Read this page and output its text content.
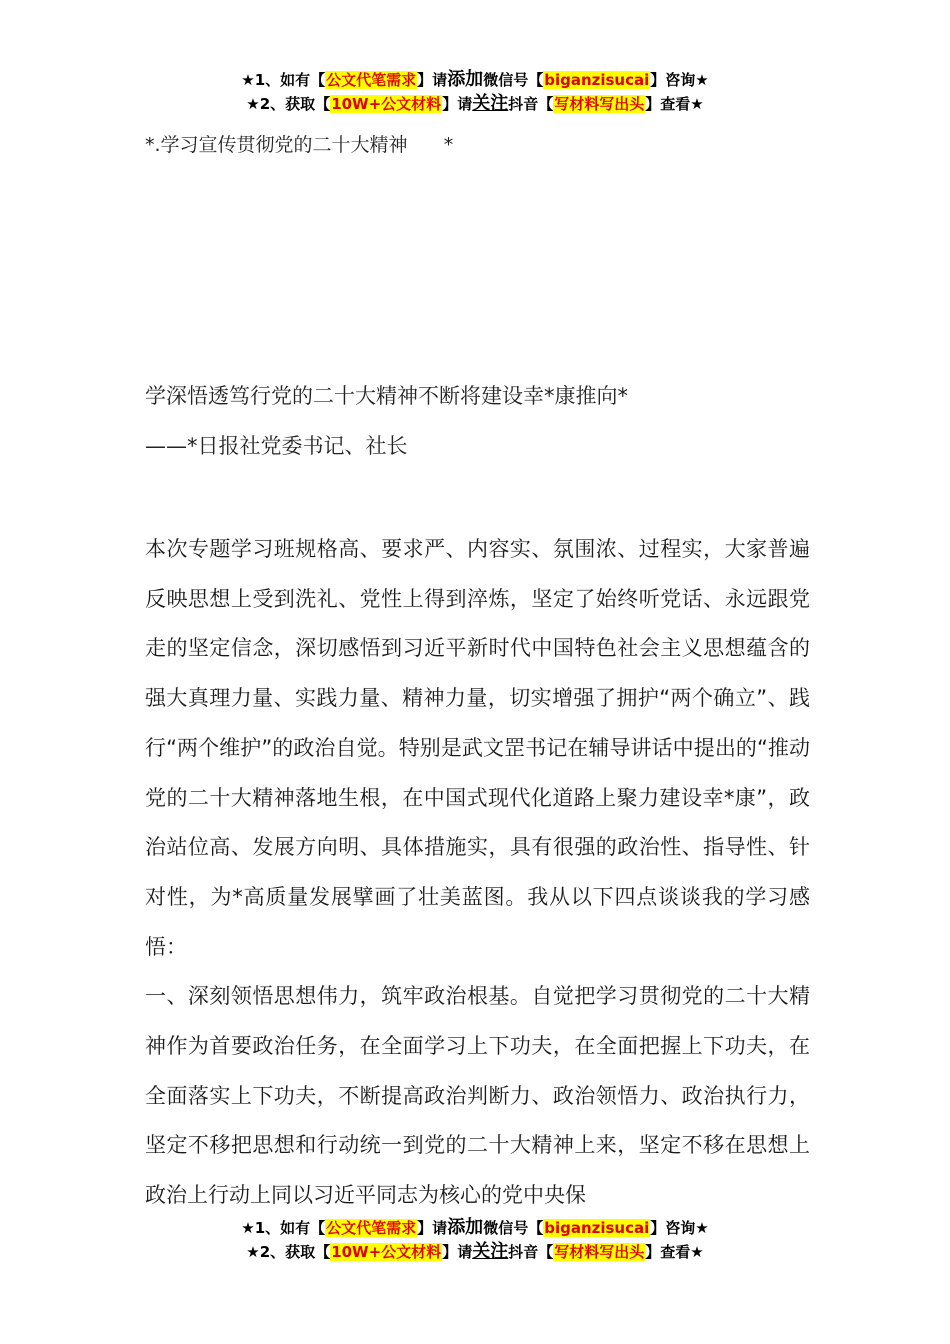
★1、如有【公文代笔需求】请添加微信号【biganzisucai】咨询★
★2、获取【10W+公文材料】请关注抖音【写材料写出头】查看★
*.学习宣传贯彻党的二十大精神      *
学深悟透笃行党的二十大精神不断将建设幸*康推向*
——*日报社党委书记、社长

本次专题学习班规格高、要求严、内容实、氛围浓、过程实，大家普遍反映思想上受到洗礼、党性上得到淬炼，坚定了始终听党话、永远跟党走的坚定信念，深切感悟到习近平新时代中国特色社会主义思想蕴含的强大真理力量、实践力量、精神力量，切实增强了拥护“两个确立”、践行“两个维护”的政治自觉。特别是武文罡书记在辅导讲话中提出的“推动党的二十大精神落地生根，在中国式现代化道路上聚力建设幸*康”，政治站位高、发展方向明、具体措施实，具有很强的政治性、指导性、针对性，为*高质量发展擘画了壮美蓝图。我从以下四点谈谈我的学习感悟：

一、深刻领悟思想伟力，筑牢政治根基。自觉把学习贯彻党的二十大精神作为首要政治任务，在全面学习上下功夫，在全面把握上下功夫，在全面落实上下功夫，不断提高政治判断力、政治领悟力、政治执行力，坚定不移把思想和行动统一到党的二十大精神上来，坚定不移在思想上政治上行动上同以习近平同志为核心的党中央保

★1、如有【公文代笔需求】请添加微信号【biganzisucai】咨询★
★2、获取【10W+公文材料】请关注抖音【写材料写出头】查看★
